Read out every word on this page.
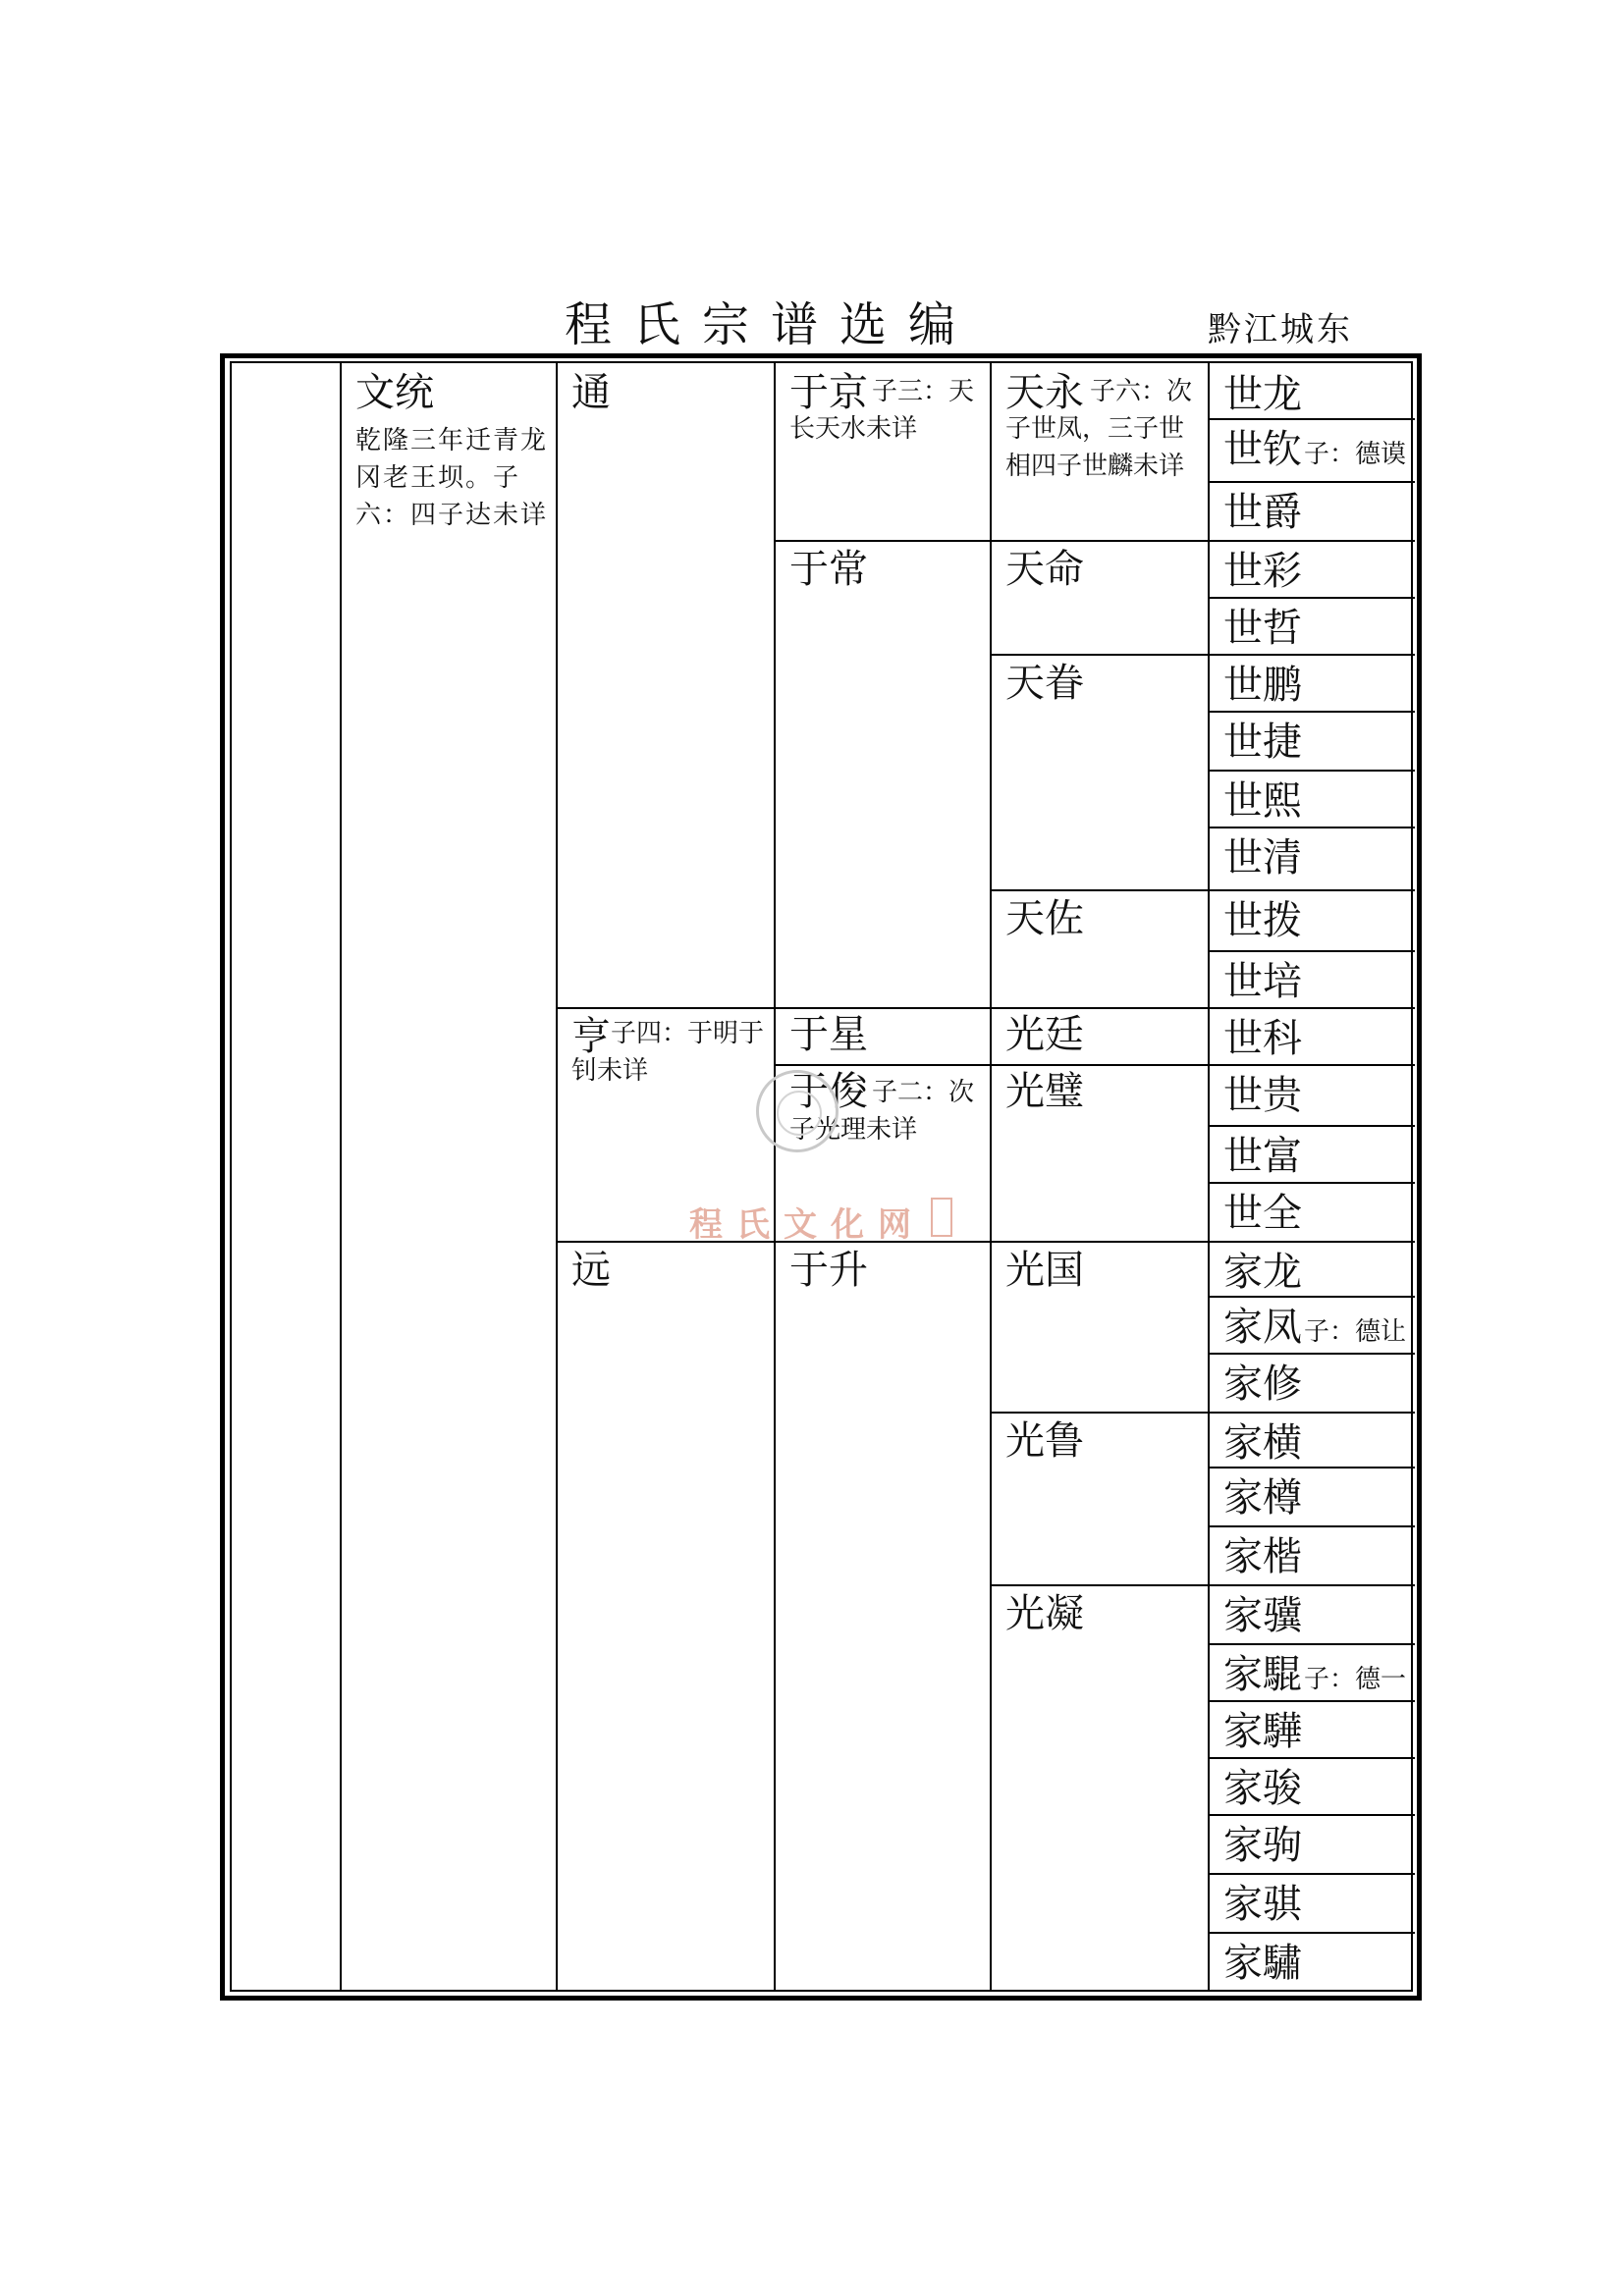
程氏宗谱选编	黔江城东
文统
乾隆三年迁青龙冈老王坝。子六：四子达未详
通
亨 子四：于明于钊未详
远
于京 子三：天长天水未详
于常
于星
于俊 子二：次子光理未详
于升
天永 子六：次子世凤，三子世相四子世麟未详
天命
天眷
天佐
光廷
光璧
光国
光鲁
光凝
世龙
世钦子：德谟
世爵
世彩
世哲
世鹏
世捷
世熙
世清
世拨
世培
世科
世贵
世富
世全
家龙
家凤子：德让
家修
家横
家樽
家楷
家骥
家騉子：德一
家驊
家骏
家驹
家骐
家驌
程氏文化网
